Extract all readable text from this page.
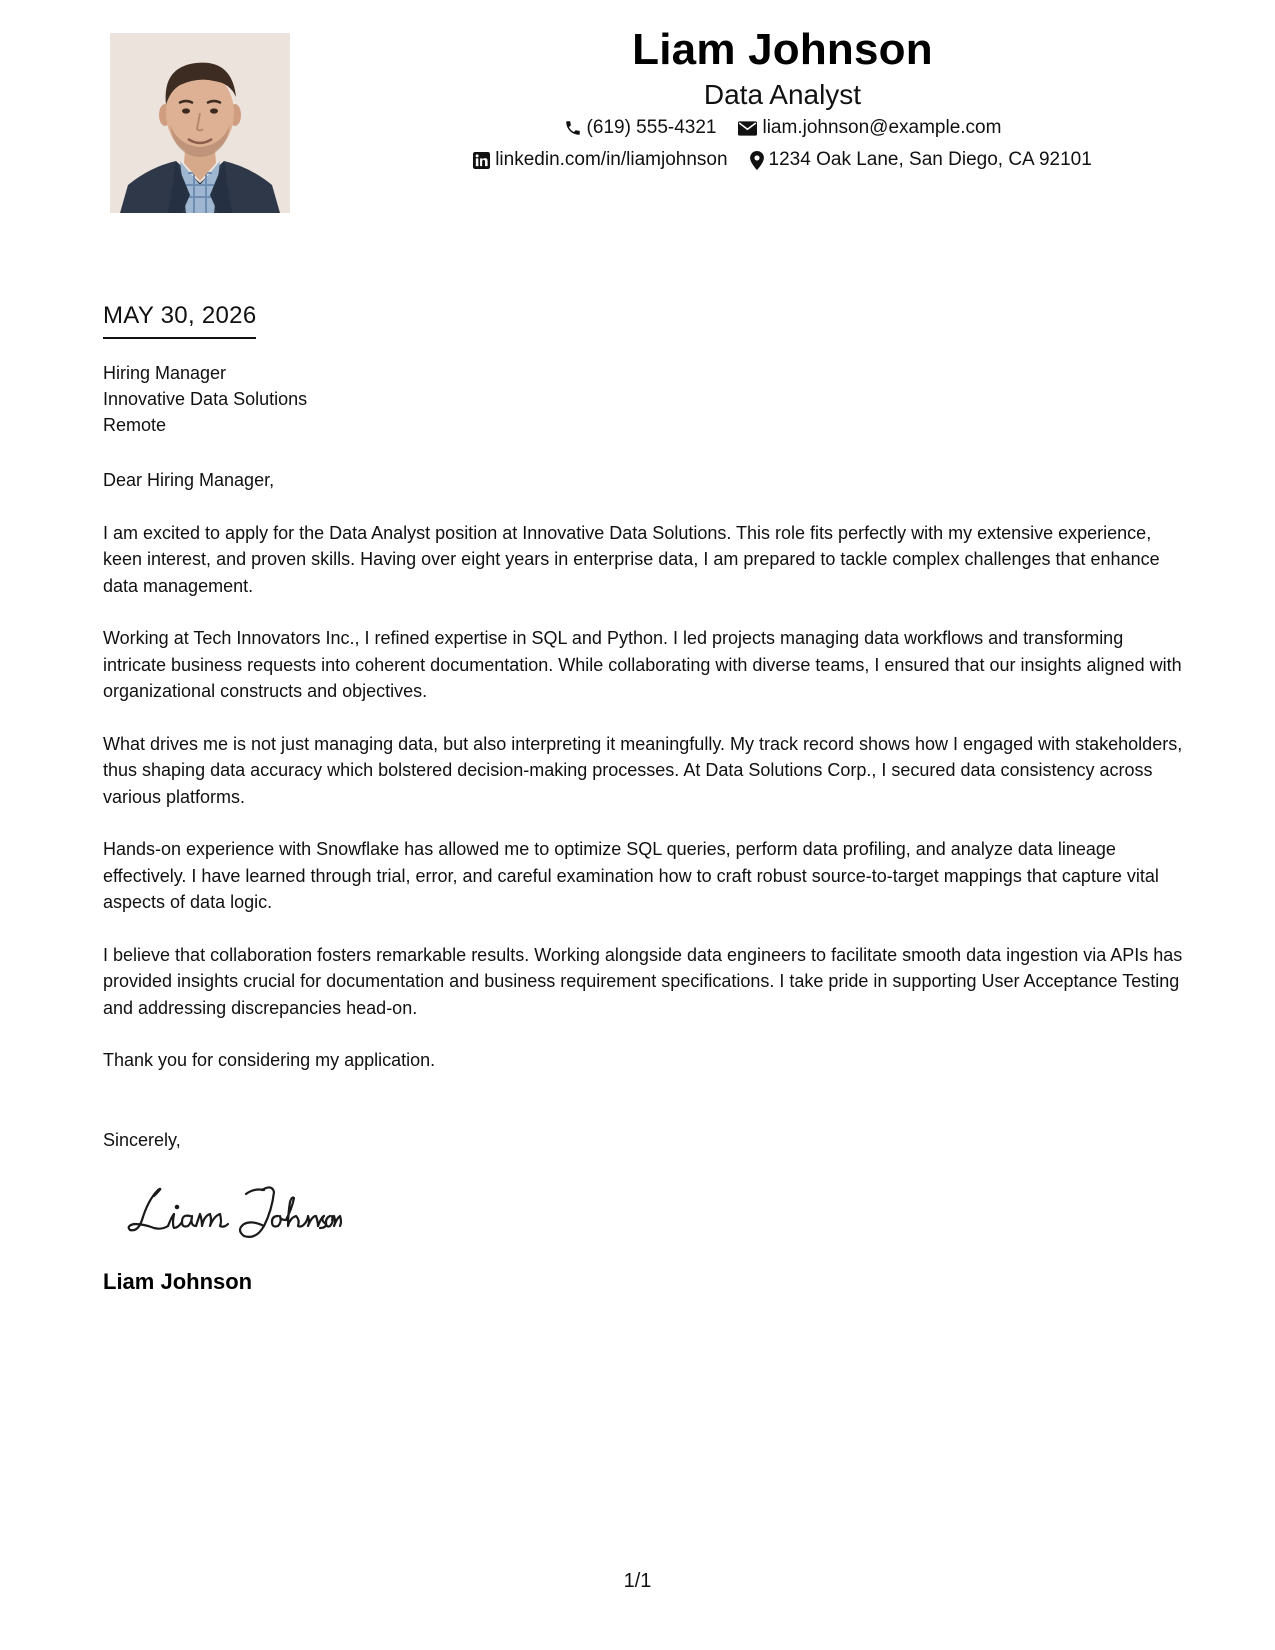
Liam Johnson
Data Analyst
(619) 555-4321 liam.johnson@example.com
linkedin.com/in/liamjohnson 1234 Oak Lane, San Diego, CA 92101
MAY 30, 2026
Hiring Manager
Innovative Data Solutions
Remote

Dear Hiring Manager,

I am excited to apply for the Data Analyst position at Innovative Data Solutions. This role fits perfectly with my extensive experience, keen interest, and proven skills. Having over eight years in enterprise data, I am prepared to tackle complex challenges that enhance data management.

Working at Tech Innovators Inc., I refined expertise in SQL and Python. I led projects managing data workflows and transforming intricate business requests into coherent documentation. While collaborating with diverse teams, I ensured that our insights aligned with organizational constructs and objectives.

What drives me is not just managing data, but also interpreting it meaningfully. My track record shows how I engaged with stakeholders, thus shaping data accuracy which bolstered decision-making processes. At Data Solutions Corp., I secured data consistency across various platforms.

Hands-on experience with Snowflake has allowed me to optimize SQL queries, perform data profiling, and analyze data lineage effectively. I have learned through trial, error, and careful examination how to craft robust source-to-target mappings that capture vital aspects of data logic.

I believe that collaboration fosters remarkable results. Working alongside data engineers to facilitate smooth data ingestion via APIs has provided insights crucial for documentation and business requirement specifications. I take pride in supporting User Acceptance Testing and addressing discrepancies head-on.

Thank you for considering my application.

Sincerely,
Liam Johnson
1/1
